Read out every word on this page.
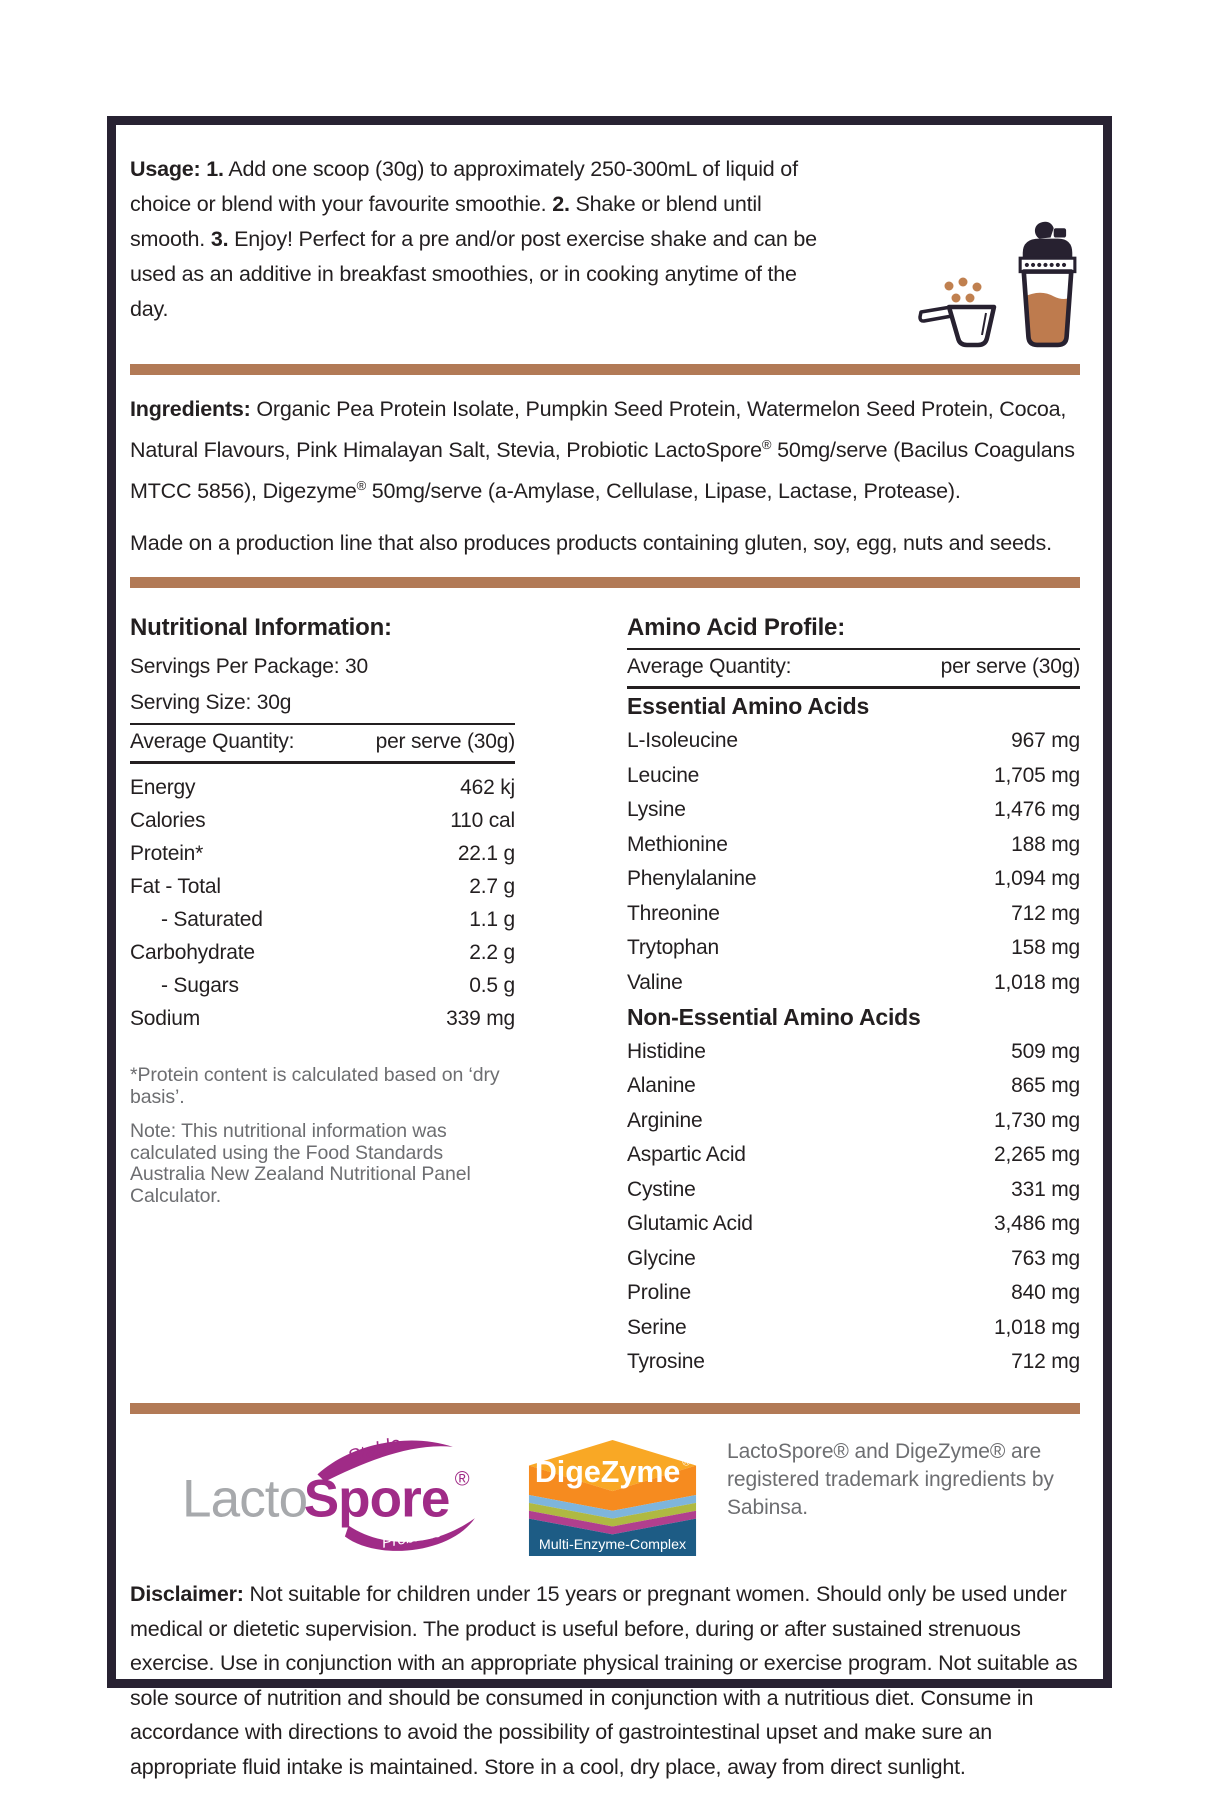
Usage: 1. Add one scoop (30g) to approximately 250-300mL of liquid of choice or blend with your favourite smoothie. 2. Shake or blend until smooth. 3. Enjoy! Perfect for a pre and/or post exercise shake and can be used as an additive in breakfast smoothies, or in cooking anytime of the day.

Ingredients: Organic Pea Protein Isolate, Pumpkin Seed Protein, Watermelon Seed Protein, Cocoa, Natural Flavours, Pink Himalayan Salt, Stevia, Probiotic LactoSpore® 50mg/serve (Bacilus Coagulans MTCC 5856), Digezyme® 50mg/serve (a-Amylase, Cellulase, Lipase, Lactase, Protease).

Made on a production line that also produces products containing gluten, soy, egg, nuts and seeds.

Nutritional Information:
Servings Per Package: 30
Serving Size: 30g
Average Quantity:	per serve (30g)
Energy	462 kj
Calories	110 cal
Protein*	22.1 g
Fat - Total	2.7 g
- Saturated	1.1 g
Carbohydrate	2.2 g
- Sugars	0.5 g
Sodium	339 mg
*Protein content is calculated based on ‘dry basis’.
Note: This nutritional information was calculated using the Food Standards Australia New Zealand Nutritional Panel Calculator.
Amino Acid Profile:
Average Quantity:	per serve (30g)
Essential Amino Acids
L-Isoleucine	967 mg
Leucine	1,705 mg
Lysine	1,476 mg
Methionine	188 mg
Phenylalanine	1,094 mg
Threonine	712 mg
Trytophan	158 mg
Valine	1,018 mg
Non-Essential Amino Acids
Histidine	509 mg
Alanine	865 mg
Arginine	1,730 mg
Aspartic Acid	2,265 mg
Cystine	331 mg
Glutamic Acid	3,486 mg
Glycine	763 mg
Proline	840 mg
Serine	1,018 mg
Tyrosine	712 mg
Lacto
Spore ®
Stable
Probiotic
DigeZyme ®
Multi-Enzyme-Complex

LactoSpore® and DigeZyme® are registered trademark ingredients by Sabinsa.

Disclaimer: Not suitable for children under 15 years or pregnant women. Should only be used under medical or dietetic supervision. The product is useful before, during or after sustained strenuous exercise. Use in conjunction with an appropriate physical training or exercise program. Not suitable as sole source of nutrition and should be consumed in conjunction with a nutritious diet. Consume in accordance with directions to avoid the possibility of gastrointestinal upset and make sure an appropriate fluid intake is maintained. Store in a cool, dry place, away from direct sunlight.
